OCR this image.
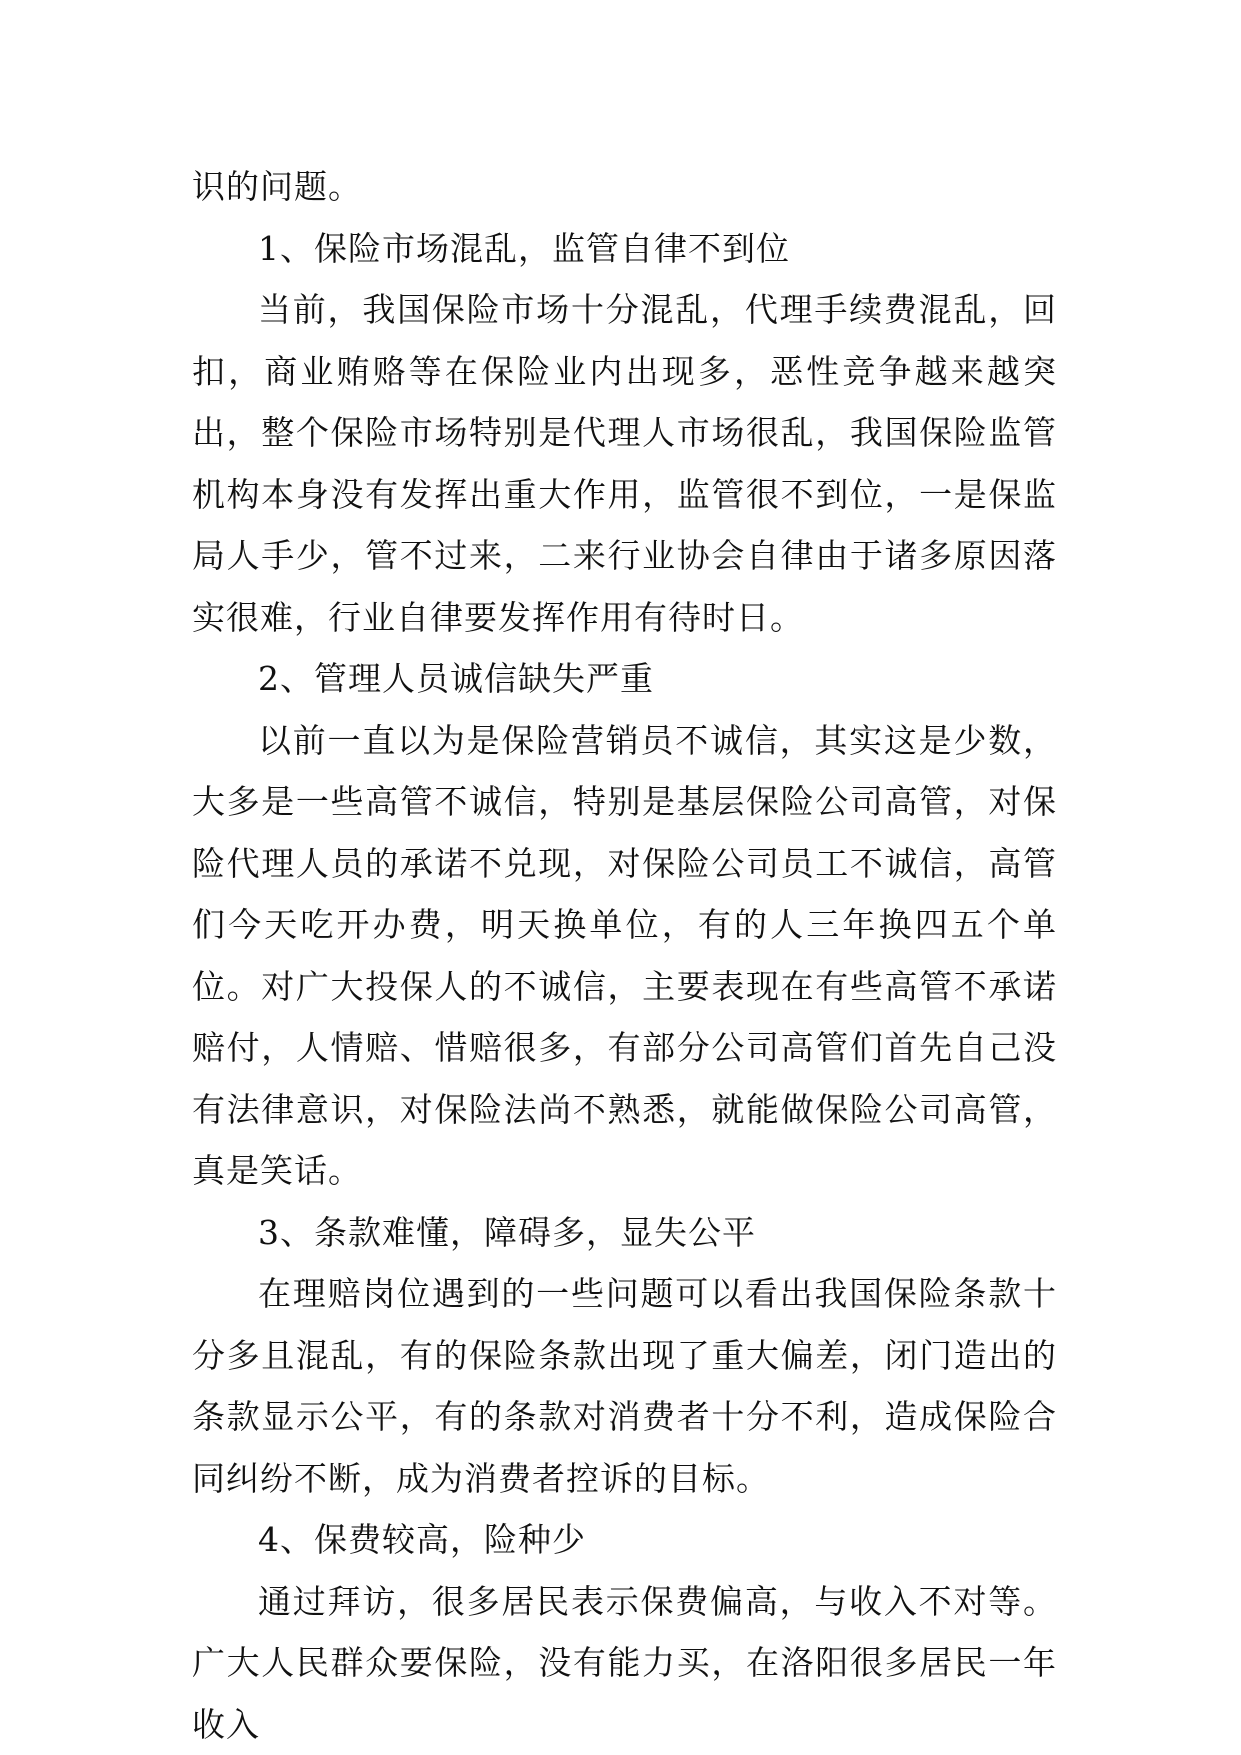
识的问题。

1、保险市场混乱，监管自律不到位

当前，我国保险市场十分混乱，代理手续费混乱，回扣，商业贿赂等在保险业内出现多，恶性竞争越来越突出，整个保险市场特别是代理人市场很乱，我国保险监管机构本身没有发挥出重大作用，监管很不到位，一是保监局人手少，管不过来，二来行业协会自律由于诸多原因落实很难，行业自律要发挥作用有待时日。

2、管理人员诚信缺失严重

以前一直以为是保险营销员不诚信，其实这是少数，大多是一些高管不诚信，特别是基层保险公司高管，对保险代理人员的承诺不兑现，对保险公司员工不诚信，高管们今天吃开办费，明天换单位，有的人三年换四五个单位。对广大投保人的不诚信，主要表现在有些高管不承诺赔付，人情赔、惜赔很多，有部分公司高管们首先自己没有法律意识，对保险法尚不熟悉，就能做保险公司高管，真是笑话。

3、条款难懂，障碍多，显失公平

在理赔岗位遇到的一些问题可以看出我国保险条款十分多且混乱，有的保险条款出现了重大偏差，闭门造出的条款显示公平，有的条款对消费者十分不利，造成保险合同纠纷不断，成为消费者控诉的目标。

4、保费较高，险种少

通过拜访，很多居民表示保费偏高，与收入不对等。广大人民群众要保险，没有能力买，在洛阳很多居民一年收入
